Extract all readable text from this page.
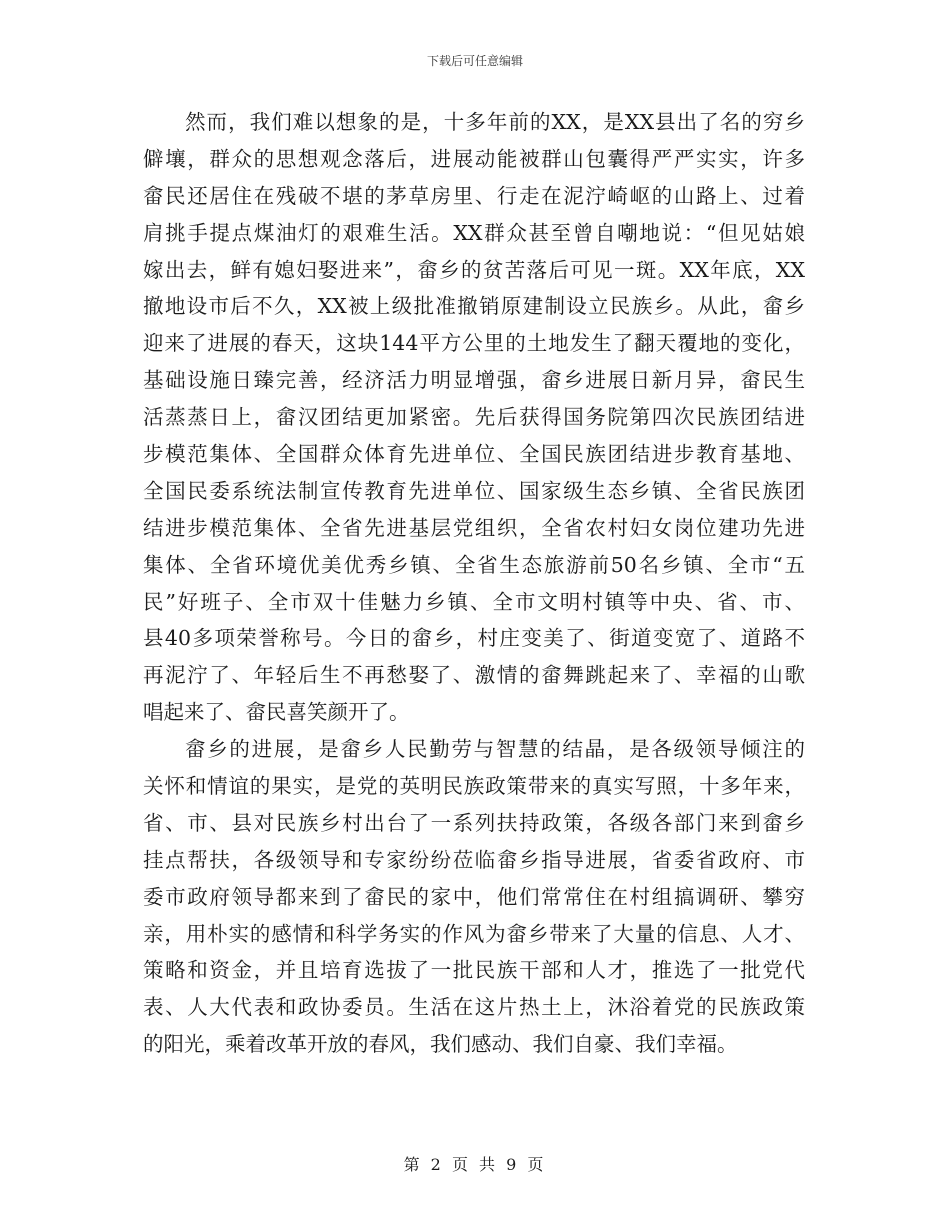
下载后可任意编辑
然而，我们难以想象的是，十多年前的XX，是XX县出了名的穷乡
僻壤，群众的思想观念落后，进展动能被群山包囊得严严实实，许多
畲民还居住在残破不堪的茅草房里、行走在泥泞崎岖的山路上、过着
肩挑手提点煤油灯的艰难生活。XX群众甚至曾自嘲地说：“但见姑娘
嫁出去，鲜有媳妇娶进来”，畲乡的贫苦落后可见一斑。XX年底，XX
撤地设市后不久，XX被上级批准撤销原建制设立民族乡。从此，畲乡
迎来了进展的春天，这块144平方公里的土地发生了翻天覆地的变化，
基础设施日臻完善，经济活力明显增强，畲乡进展日新月异，畲民生
活蒸蒸日上，畲汉团结更加紧密。先后获得国务院第四次民族团结进
步模范集体、全国群众体育先进单位、全国民族团结进步教育基地、
全国民委系统法制宣传教育先进单位、国家级生态乡镇、全省民族团
结进步模范集体、全省先进基层党组织，全省农村妇女岗位建功先进
集体、全省环境优美优秀乡镇、全省生态旅游前50名乡镇、全市“五
民”好班子、全市双十佳魅力乡镇、全市文明村镇等中央、省、市、
县40多项荣誉称号。今日的畲乡，村庄变美了、街道变宽了、道路不
再泥泞了、年轻后生不再愁娶了、激情的畲舞跳起来了、幸福的山歌
唱起来了、畲民喜笑颜开了。
畲乡的进展，是畲乡人民勤劳与智慧的结晶，是各级领导倾注的
关怀和情谊的果实，是党的英明民族政策带来的真实写照，十多年来，
省、市、县对民族乡村出台了一系列扶持政策，各级各部门来到畲乡
挂点帮扶，各级领导和专家纷纷莅临畲乡指导进展，省委省政府、市
委市政府领导都来到了畲民的家中，他们常常住在村组搞调研、攀穷
亲，用朴实的感情和科学务实的作风为畲乡带来了大量的信息、人才、
策略和资金，并且培育选拔了一批民族干部和人才，推选了一批党代
表、人大代表和政协委员。生活在这片热土上，沐浴着党的民族政策
的阳光，乘着改革开放的春风，我们感动、我们自豪、我们幸福。
第 2 页 共 9 页
